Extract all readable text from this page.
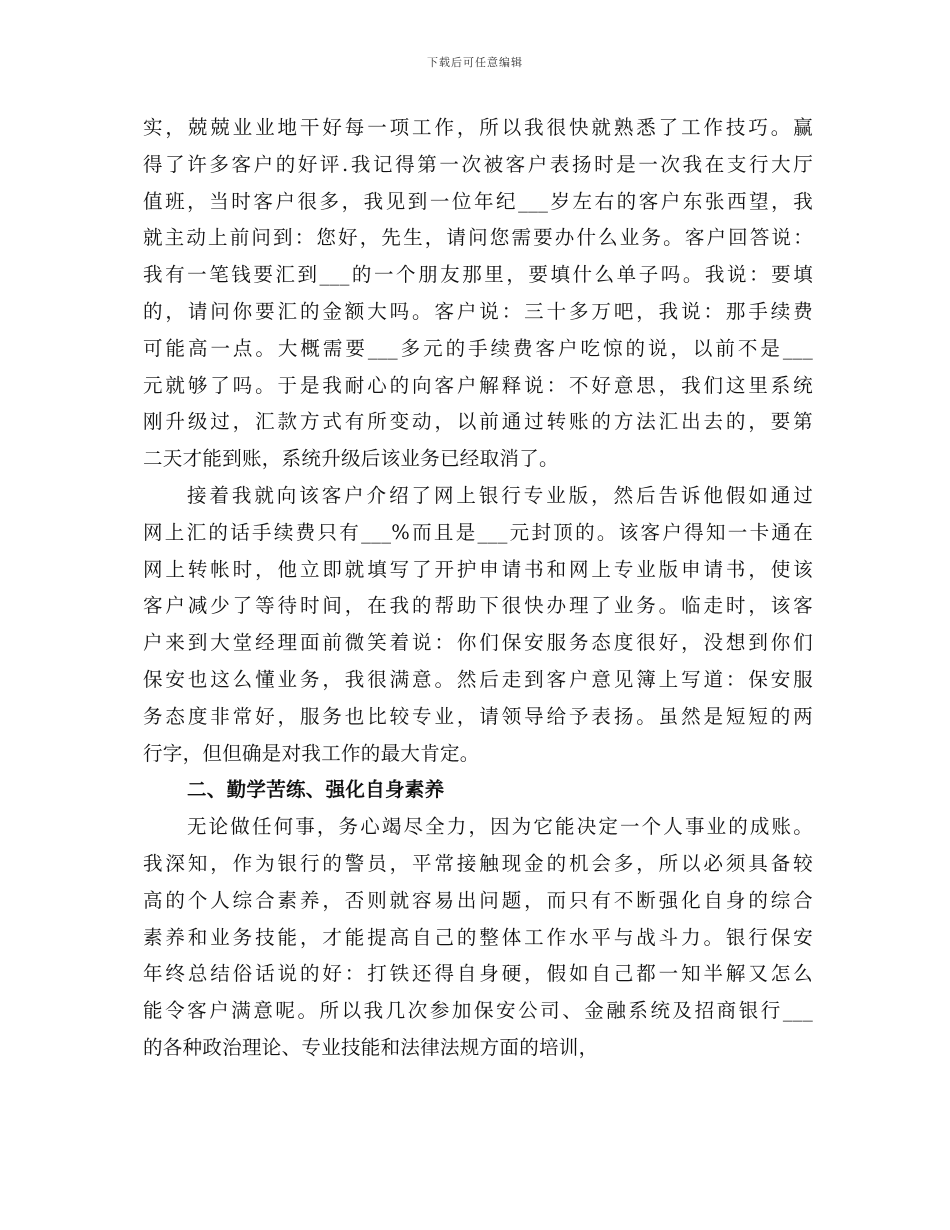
下载后可任意编辑
实，兢兢业业地干好每一项工作，所以我很快就熟悉了工作技巧。赢
得了许多客户的好评.我记得第一次被客户表扬时是一次我在支行大厅
值班，当时客户很多，我见到一位年纪___岁左右的客户东张西望，我
就主动上前问到：您好，先生，请问您需要办什么业务。客户回答说：
我有一笔钱要汇到___的一个朋友那里，要填什么单子吗。我说：要填
的，请问你要汇的金额大吗。客户说：三十多万吧，我说：那手续费
可能高一点。大概需要___多元的手续费客户吃惊的说，以前不是___
元就够了吗。于是我耐心的向客户解释说：不好意思，我们这里系统
刚升级过，汇款方式有所变动，以前通过转账的方法汇出去的，要第
二天才能到账，系统升级后该业务已经取消了。
接着我就向该客户介绍了网上银行专业版，然后告诉他假如通过
网上汇的话手续费只有___%而且是___元封顶的。该客户得知一卡通在
网上转帐时，他立即就填写了开护申请书和网上专业版申请书，使该
客户减少了等待时间，在我的帮助下很快办理了业务。临走时，该客
户来到大堂经理面前微笑着说：你们保安服务态度很好，没想到你们
保安也这么懂业务，我很满意。然后走到客户意见簿上写道：保安服
务态度非常好，服务也比较专业，请领导给予表扬。虽然是短短的两
行字，但但确是对我工作的最大肯定。
二、勤学苦练、强化自身素养
无论做任何事，务心竭尽全力，因为它能决定一个人事业的成账。
我深知，作为银行的警员，平常接触现金的机会多，所以必须具备较
高的个人综合素养，否则就容易出问题，而只有不断强化自身的综合
素养和业务技能，才能提高自己的整体工作水平与战斗力。银行保安
年终总结俗话说的好：打铁还得自身硬，假如自己都一知半解又怎么
能令客户满意呢。所以我几次参加保安公司、金融系统及招商银行___
的各种政治理论、专业技能和法律法规方面的培训，
